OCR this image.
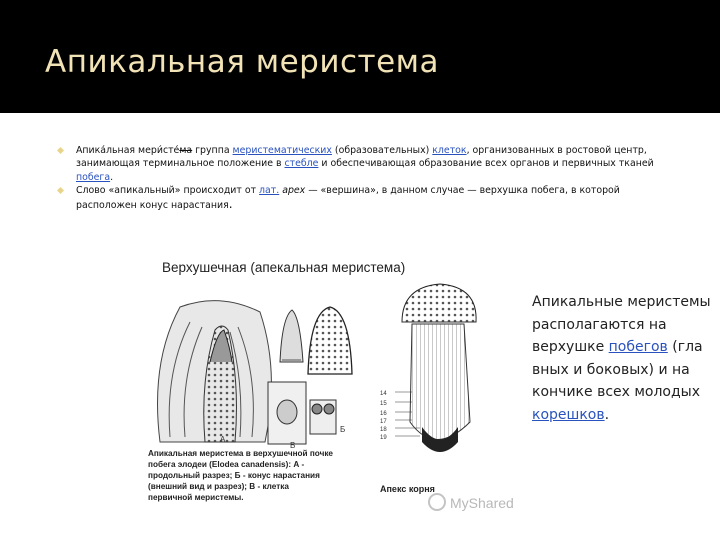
Апикальная меристема
Апика́льная мери́сте́ма группа меристематических (образовательных) клеток, организованных в ростовой центр, занимающая терминальное положение в стебле и обеспечивающая образование всех органов и первичных тканей побега.
Слово «апикальный» происходит от лат. apex — «вершина», в данном случае — верхушка побега, в которой расположен конус нарастания.
Верхушечная (апекальная меристема)
А
В
Б
14
15
16
17
18
19
Апикальная меристема в верхушечной почке
побега элодеи (Elodea canadensis): А -
продольный разрез; Б - конус нарастания
(внешний вид и разрез); В - клетка
первичной меристемы.
Апекс корня
Апикальные меристемы располагаются на верхушке побегов (гла вных и боковых) и на кончике всех молодых корешков.
MyShared
